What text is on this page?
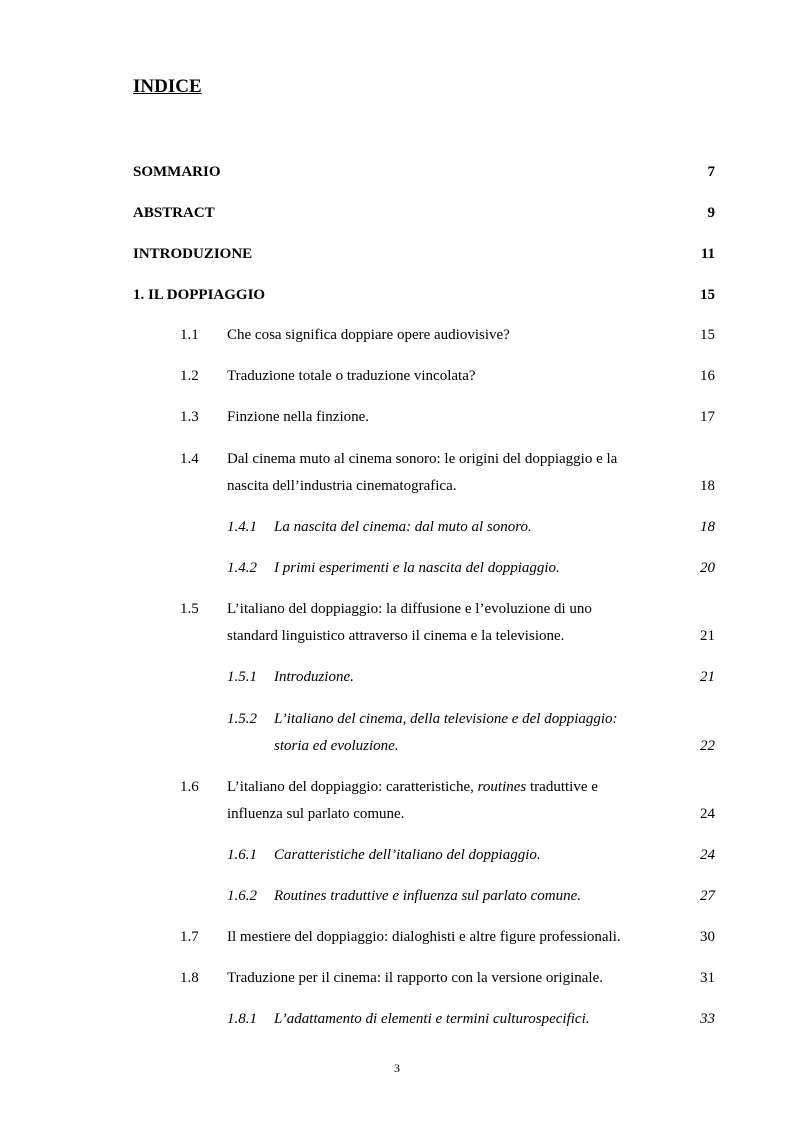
INDICE
SOMMARIO	7
ABSTRACT	9
INTRODUZIONE	11
1. IL DOPPIAGGIO	15
1.1 Che cosa significa doppiare opere audiovisive?	15
1.2 Traduzione totale o traduzione vincolata?	16
1.3 Finzione nella finzione.	17
1.4 Dal cinema muto al cinema sonoro: le origini del doppiaggio e la
nascita dell’industria cinematografica.	18
1.4.1 La nascita del cinema: dal muto al sonoro.	18
1.4.2 I primi esperimenti e la nascita del doppiaggio.	20
1.5 L’italiano del doppiaggio: la diffusione e l’evoluzione di uno
standard linguistico attraverso il cinema e la televisione.	21
1.5.1 Introduzione.	21
1.5.2 L’italiano del cinema, della televisione e del doppiaggio:
storia ed evoluzione.	22
1.6 L’italiano del doppiaggio: caratteristiche, routines traduttive e
influenza sul parlato comune.	24
1.6.1 Caratteristiche dell’italiano del doppiaggio.	24
1.6.2 Routines traduttive e influenza sul parlato comune.	27
1.7 Il mestiere del doppiaggio: dialoghisti e altre figure professionali.	30
1.8 Traduzione per il cinema: il rapporto con la versione originale.	31
1.8.1 L’adattamento di elementi e termini culturospecifici.	33
3
